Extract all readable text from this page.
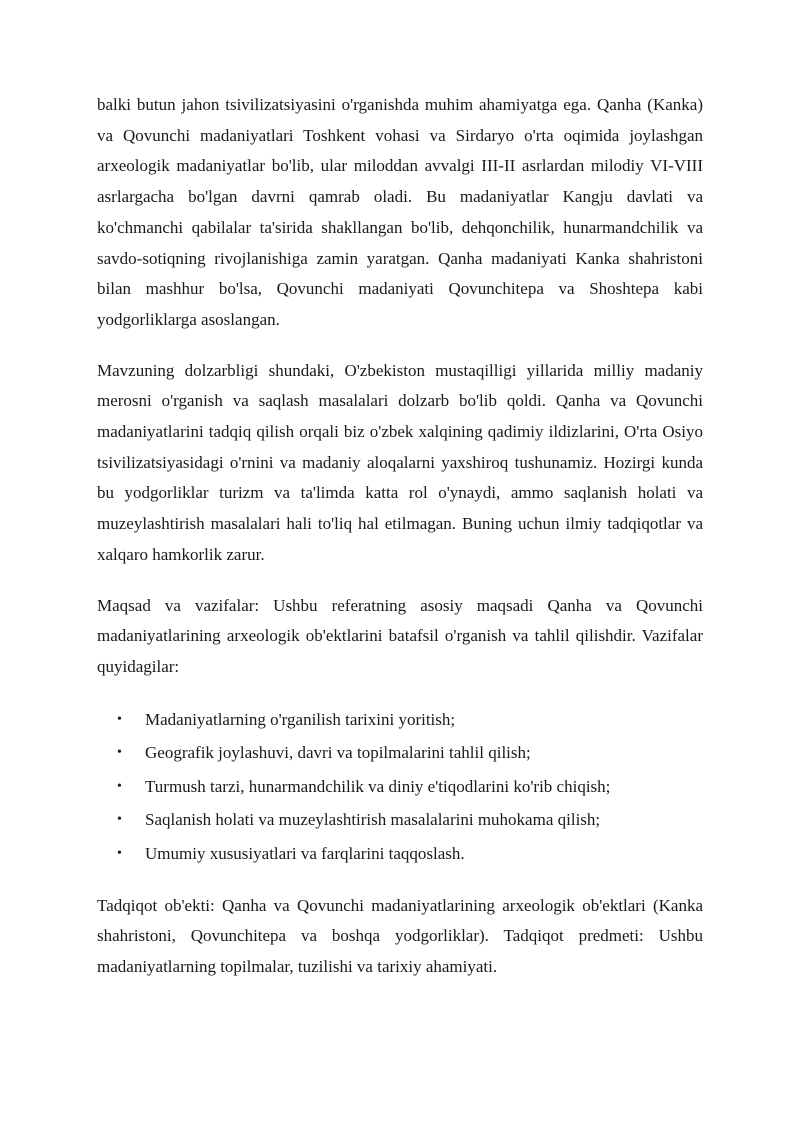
balki butun jahon tsivilizatsiyasini o'rganishda muhim ahamiyatga ega. Qanha (Kanka) va Qovunchi madaniyatlari Toshkent vohasi va Sirdaryo o'rta oqimida joylashgan arxeologik madaniyatlar bo'lib, ular miloddan avvalgi III-II asrlardan milodiy VI-VIII asrlargacha bo'lgan davrni qamrab oladi. Bu madaniyatlar Kangju davlati va ko'chmanchi qabilalar ta'sirida shakllangan bo'lib, dehqonchilik, hunarmandchilik va savdo-sotiqning rivojlanishiga zamin yaratgan. Qanha madaniyati Kanka shahristoni bilan mashhur bo'lsa, Qovunchi madaniyati Qovunchitepa va Shoshtepa kabi yodgorliklarga asoslangan.

Mavzuning dolzarbligi shundaki, O'zbekiston mustaqilligi yillarida milliy madaniy merosni o'rganish va saqlash masalalari dolzarb bo'lib qoldi. Qanha va Qovunchi madaniyatlarini tadqiq qilish orqali biz o'zbek xalqining qadimiy ildizlarini, O'rta Osiyo tsivilizatsiyasidagi o'rnini va madaniy aloqalarni yaxshiroq tushunamiz. Hozirgi kunda bu yodgorliklar turizm va ta'limda katta rol o'ynaydi, ammo saqlanish holati va muzeylashtirish masalalari hali to'liq hal etilmagan. Buning uchun ilmiy tadqiqotlar va xalqaro hamkorlik zarur.

Maqsad va vazifalar: Ushbu referatning asosiy maqsadi Qanha va Qovunchi madaniyatlarining arxeologik ob'ektlarini batafsil o'rganish va tahlil qilishdir. Vazifalar quyidagilar:

• Madaniyatlarning o'rganilish tarixini yoritish;
• Geografik joylashuvi, davri va topilmalarini tahlil qilish;
• Turmush tarzi, hunarmandchilik va diniy e'tiqodlarini ko'rib chiqish;
• Saqlanish holati va muzeylashtirish masalalarini muhokama qilish;
• Umumiy xususiyatlari va farqlarini taqqoslash.

Tadqiqot ob'ekti: Qanha va Qovunchi madaniyatlarining arxeologik ob'ektlari (Kanka shahristoni, Qovunchitepa va boshqa yodgorliklar). Tadqiqot predmeti: Ushbu madaniyatlarning topilmalar, tuzilishi va tarixiy ahamiyati.
